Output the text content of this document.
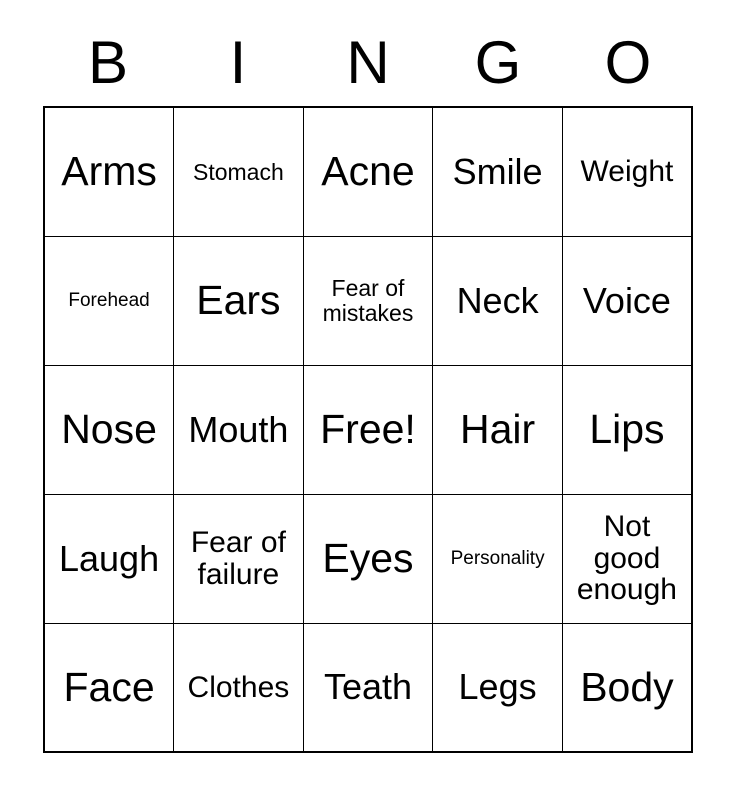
B	I	N	G	O
Arms	Stomach	Acne	Smile	Weight

Forehead	Ears	Fear of mistakes	Neck	Voice

Nose	Mouth	Free!	Hair	Lips

Laugh	Fear of failure	Eyes	Personality	Not good enough

Face	Clothes	Teath	Legs	Body
